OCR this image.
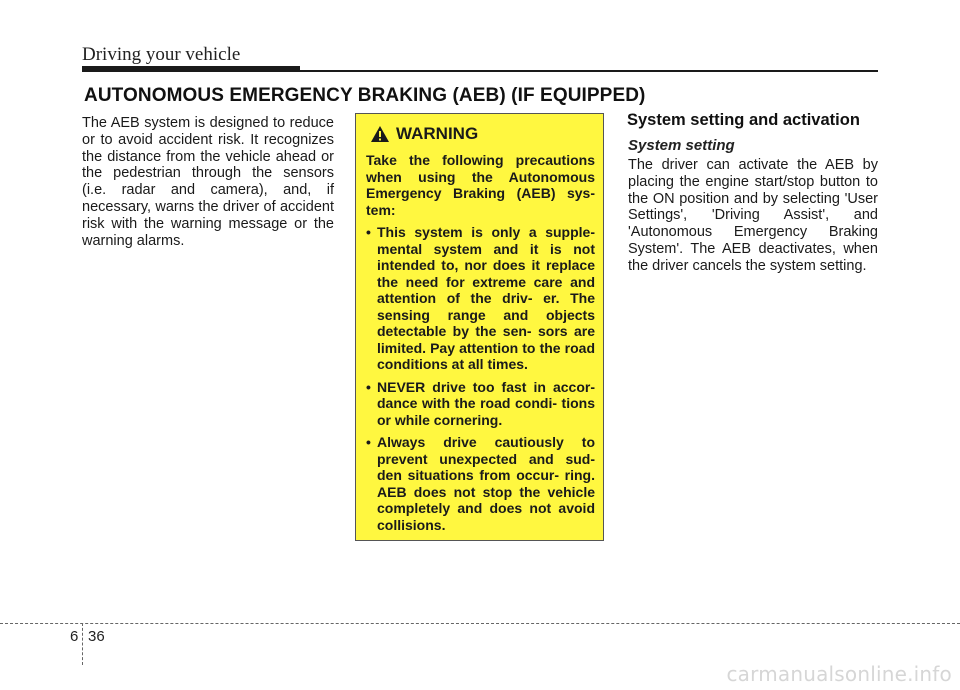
Driving your vehicle
AUTONOMOUS EMERGENCY BRAKING (AEB) (IF EQUIPPED)
The AEB system is designed to reduce or to avoid accident risk. It recognizes the distance from the vehicle ahead or the pedestrian through the sensors (i.e. radar and camera), and, if necessary, warns the driver of accident risk with the warning message or the warning alarms.
WARNING
Take the following precautions when using the Autonomous Emergency Braking (AEB) sys- tem:
• This system is only a supple- mental system and it is not intended to, nor does it replace the need for extreme care and attention of the driv- er. The sensing range and objects detectable by the sen- sors are limited. Pay attention to the road conditions at all times.
• NEVER drive too fast in accor- dance with the road condi- tions or while cornering.
• Always drive cautiously to prevent unexpected and sud- den situations from occur- ring. AEB does not stop the vehicle completely and does not avoid collisions.
System setting and activation
System setting
The driver can activate the AEB by placing the engine start/stop button to the ON position and by selecting 'User Settings', 'Driving Assist', and 'Autonomous Emergency Braking System'. The AEB deactivates, when the driver cancels the system setting.
6 36
carmanualsonline.info
